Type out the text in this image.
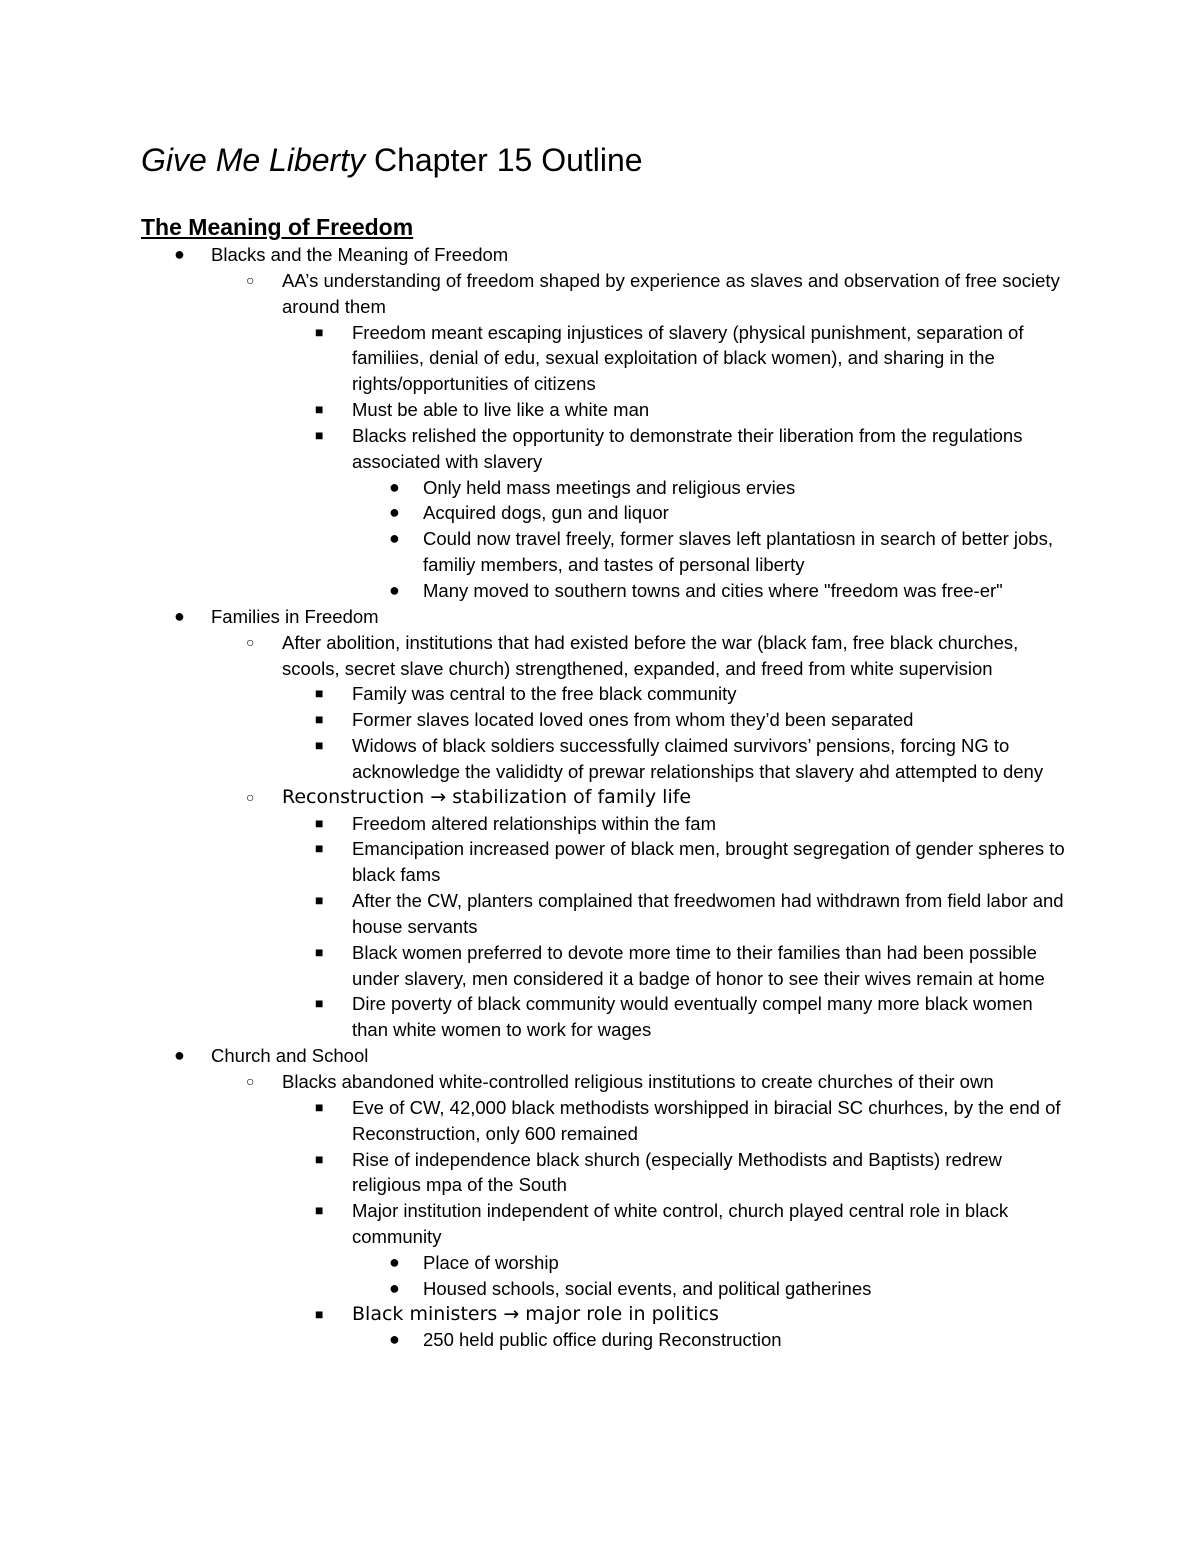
Give Me Liberty Chapter 15 Outline
The Meaning of Freedom
● Blacks and the Meaning of Freedom
○ AA’s understanding of freedom shaped by experience as slaves and observation of free society around them
■ Freedom meant escaping injustices of slavery (physical punishment, separation of familiies, denial of edu, sexual exploitation of black women), and sharing in the rights/opportunities of citizens
■ Must be able to live like a white man
■ Blacks relished the opportunity to demonstrate their liberation from the regulations associated with slavery
● Only held mass meetings and religious ervies
● Acquired dogs, gun and liquor
● Could now travel freely, former slaves left plantatiosn in search of better jobs, familiy members, and tastes of personal liberty
● Many moved to southern towns and cities where "freedom was free-er"
● Families in Freedom
○ After abolition, institutions that had existed before the war (black fam, free black churches, scools, secret slave church) strengthened, expanded, and freed from white supervision
■ Family was central to the free black community
■ Former slaves located loved ones from whom they’d been separated
■ Widows of black soldiers successfully claimed survivors’ pensions, forcing NG to acknowledge the valididty of prewar relationships that slavery ahd attempted to deny
○ Reconstruction → stabilization of family life
■ Freedom altered relationships within the fam
■ Emancipation increased power of black men, brought segregation of gender spheres to black fams
■ After the CW, planters complained that freedwomen had withdrawn from field labor and house servants
■ Black women preferred to devote more time to their families than had been possible under slavery, men considered it a badge of honor to see their wives remain at home
■ Dire poverty of black community would eventually compel many more black women than white women to work for wages
● Church and School
○ Blacks abandoned white-controlled religious institutions to create churches of their own
■ Eve of CW, 42,000 black methodists worshipped in biracial SC churhces, by the end of Reconstruction, only 600 remained
■ Rise of independence black shurch (especially Methodists and Baptists) redrew religious mpa of the South
■ Major institution independent of white control, church played central role in black community
● Place of worship
● Housed schools, social events, and political gatherines
■ Black ministers → major role in politics
● 250 held public office during Reconstruction
